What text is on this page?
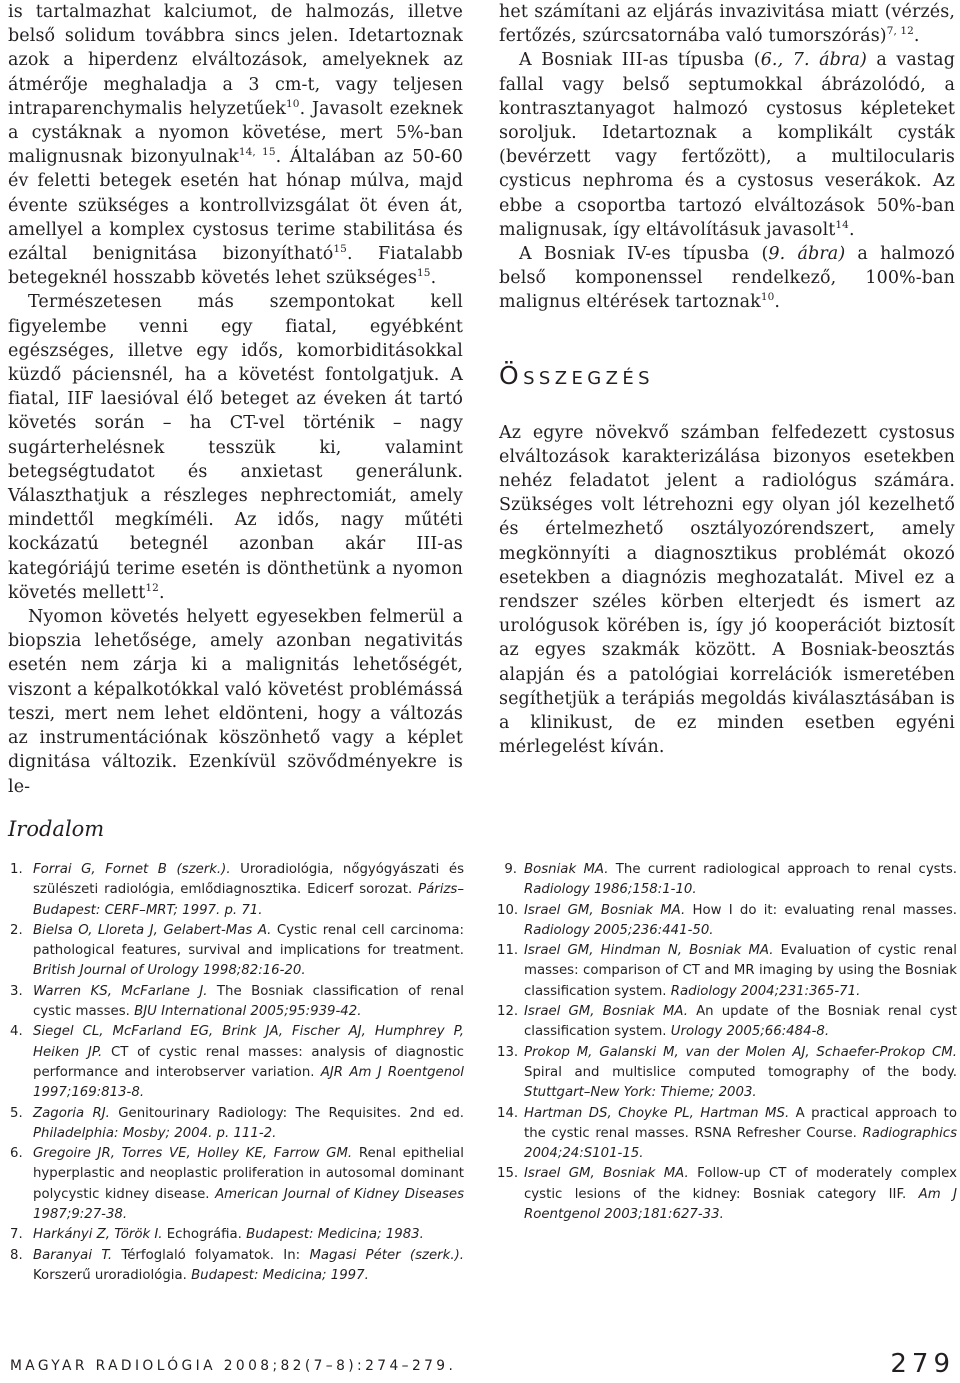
is tartalmazhat kalciumot, de halmozás, illetve belső solidum továbbra sincs jelen. Idetartoznak azok a hiperdenz elváltozások, amelyeknek az átmérője meghaladja a 3 cm-t, vagy teljesen intraparenchymalis helyzetűek$^{10}$. Javasolt ezeknek a cystáknak a nyomon követése, mert 5%-ban malignusnak bizonyulnak$^{14, 15}$. Általában az 50-60 év feletti betegek esetén hat hónap múlva, majd évente szükséges a kontrollvizsgálat öt éven át, amellyel a komplex cystosus terime stabilitása és ezáltal benignitása bizonyítható$^{15}$. Fiatalabb betegeknél hosszabb követés lehet szükséges$^{15}$.

Természetesen más szempontokat kell figyelembe venni egy fiatal, egyébként egészséges, illetve egy idős, komorbiditásokkal küzdő páciensnél, ha a követést fontolgatjuk. A fiatal, IIF laesióval élő beteget az éveken át tartó követés során – ha CT-vel történik – nagy sugárterhelésnek tesszük ki, valamint betegségtudatot és anxietast generálunk. Választhatjuk a részleges nephrectomiát, amely mindettől megkíméli. Az idős, nagy műtéti kockázatú betegnél azonban akár III-as kategóriájú terime esetén is dönthetünk a nyomon követés mellett$^{12}$.

Nyomon követés helyett egyesekben felmerül a biopszia lehetősége, amely azonban negativitás esetén nem zárja ki a malignitás lehetőségét, viszont a képalkotókkal való követést problémássá teszi, mert nem lehet eldönteni, hogy a változás az instrumentációnak köszönhető vagy a képlet dignitása változik. Ezenkívül szövődményekre is le-

het számítani az eljárás invazivitása miatt (vérzés, fertőzés, szúrcsatornába való tumorszórás)$^{7, 12}$.

A Bosniak III-as típusba (6., 7. ábra) a vastag fallal vagy belső septumokkal ábrázolódó, a kontrasztanyagot halmozó cystosus képleteket soroljuk. Idetartoznak a komplikált cysták (bevérzett vagy fertőzött), a multilocularis cysticus nephroma és a cystosus veserákok. Az ebbe a csoportba tartozó elváltozások 50%-ban malignusak, így eltávolításuk javasolt$^{14}$.

A Bosniak IV-es típusba (9. ábra) a halmozó belső komponenssel rendelkező, 100%-ban malignus eltérések tartoznak$^{10}$.

Összegzés

Az egyre növekvő számban felfedezett cystosus elváltozások karakterizálása bizonyos esetekben nehéz feladatot jelent a radiológus számára. Szükséges volt létrehozni egy olyan jól kezelhető és értelmezhető osztályozórendszert, amely megkönnyíti a diagnosztikus problémát okozó esetekben a diagnózis meghozatalát. Mivel ez a rendszer széles körben elterjedt és ismert az urológusok körében is, így jó kooperációt biztosít az egyes szakmák között. A Bosniak-beosztás alapján és a patológiai korrelációk ismeretében segíthetjük a terápiás megoldás kiválasztásában is a klinikust, de ez minden esetben egyéni mérlegelést kíván.

Irodalom
1. Forrai G, Fornet B (szerk.). Uroradiológia, nőgyógyászati és szülészeti radiológia, emlődiagnosztika. Edicerf sorozat. Párizs–Budapest: CERF–MRT; 1997. p. 71.
2. Bielsa O, Lloreta J, Gelabert-Mas A. Cystic renal cell carcinoma: pathological features, survival and implications for treatment. British Journal of Urology 1998;82:16-20.
3. Warren KS, McFarlane J. The Bosniak classification of renal cystic masses. BJU International 2005;95:939-42.
4. Siegel CL, McFarland EG, Brink JA, Fischer AJ, Humphrey P, Heiken JP. CT of cystic renal masses: analysis of diagnostic performance and interobserver variation. AJR Am J Roentgenol 1997;169:813-8.
5. Zagoria RJ. Genitourinary Radiology: The Requisites. 2nd ed. Philadelphia: Mosby; 2004. p. 111-2.
6. Gregoire JR, Torres VE, Holley KE, Farrow GM. Renal epithelial hyperplastic and neoplastic proliferation in autosomal dominant polycystic kidney disease. American Journal of Kidney Diseases 1987;9:27-38.
7. Harkányi Z, Török I. Echográfia. Budapest: Medicina; 1983.
8. Baranyai T. Térfoglaló folyamatok. In: Magasi Péter (szerk.). Korszerű uroradiológia. Budapest: Medicina; 1997.
9. Bosniak MA. The current radiological approach to renal cysts. Radiology 1986;158:1-10.
10. Israel GM, Bosniak MA. How I do it: evaluating renal masses. Radiology 2005;236:441-50.
11. Israel GM, Hindman N, Bosniak MA. Evaluation of cystic renal masses: comparison of CT and MR imaging by using the Bosniak classification system. Radiology 2004;231:365-71.
12. Israel GM, Bosniak MA. An update of the Bosniak renal cyst classification system. Urology 2005;66:484-8.
13. Prokop M, Galanski M, van der Molen AJ, Schaefer-Prokop CM. Spiral and multislice computed tomography of the body. Stuttgart–New York: Thieme; 2003.
14. Hartman DS, Choyke PL, Hartman MS. A practical approach to the cystic renal masses. RSNA Refresher Course. Radiographics 2004;24:S101-15.
15. Israel GM, Bosniak MA. Follow-up CT of moderately complex cystic lesions of the kidney: Bosniak category IIF. Am J Roentgenol 2003;181:627-33.
MAGYAR RADIOLÓGIA 2008;82(7–8):274–279.	279
